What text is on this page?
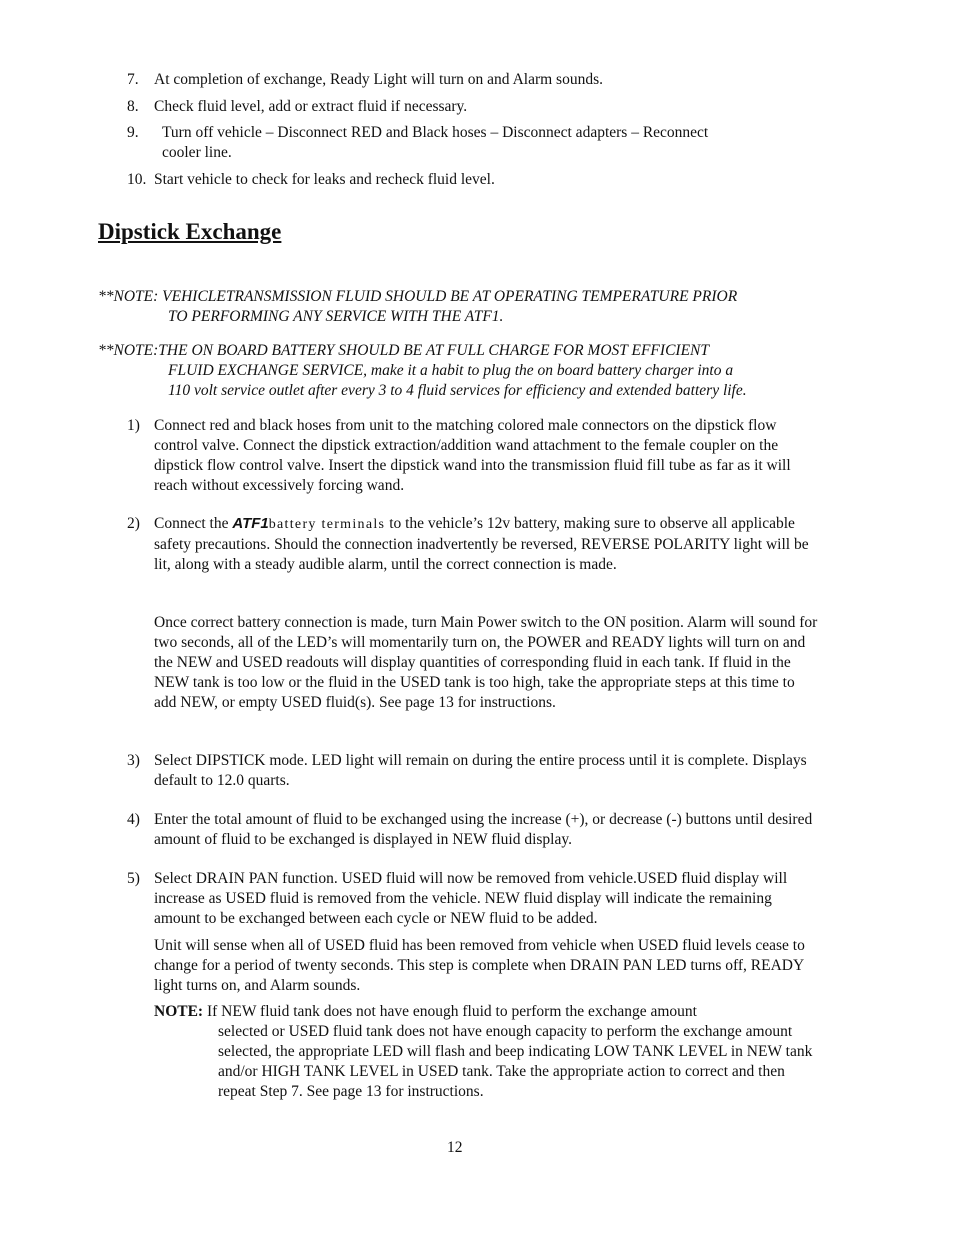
7. At completion of exchange, Ready Light will turn on and Alarm sounds.
8. Check fluid level, add or extract fluid if necessary.
9. Turn off vehicle – Disconnect RED and Black hoses – Disconnect adapters – Reconnect
cooler line.
10. Start vehicle to check for leaks and recheck fluid level.
Dipstick Exchange
**NOTE: VEHICLETRANSMISSION FLUID SHOULD BE AT OPERATING TEMPERATURE PRIOR
TO PERFORMING ANY SERVICE WITH THE ATF1.
**NOTE:THE ON BOARD BATTERY SHOULD BE AT FULL CHARGE FOR MOST EFFICIENT
FLUID EXCHANGE SERVICE, make it a habit to plug the on board battery charger into a
110 volt service outlet after every 3 to 4 fluid services for efficiency and extended battery life.
1) Connect red and black hoses from unit to the matching colored male connectors on the dipstick flow control valve. Connect the dipstick extraction/addition wand attachment to the female coupler on the dipstick flow control valve. Insert the dipstick wand into the transmission fluid fill tube as far as it will reach without excessively forcing wand.
2) Connect the ATF1battery terminals to the vehicle’s 12v battery, making sure to observe all applicable safety precautions. Should the connection inadvertently be reversed, REVERSE POLARITY light will be lit, along with a steady audible alarm, until the correct connection is made.
Once correct battery connection is made, turn Main Power switch to the ON position. Alarm will sound for two seconds, all of the LED’s will momentarily turn on, the POWER and READY lights will turn on and the NEW and USED readouts will display quantities of corresponding fluid in each tank. If fluid in the NEW tank is too low or the fluid in the USED tank is too high, take the appropriate steps at this time to add NEW, or empty USED fluid(s). See page 13 for instructions.
3) Select DIPSTICK mode. LED light will remain on during the entire process until it is complete. Displays default to 12.0 quarts.
4) Enter the total amount of fluid to be exchanged using the increase (+), or decrease (-) buttons until desired amount of fluid to be exchanged is displayed in NEW fluid display.
5) Select DRAIN PAN function. USED fluid will now be removed from vehicle.USED fluid display will increase as USED fluid is removed from the vehicle. NEW fluid display will indicate the remaining amount to be exchanged between each cycle or NEW fluid to be added.
Unit will sense when all of USED fluid has been removed from vehicle when USED fluid levels cease to change for a period of twenty seconds. This step is complete when DRAIN PAN LED turns off, READY light turns on, and Alarm sounds.
NOTE: If NEW fluid tank does not have enough fluid to perform the exchange amount
selected or USED fluid tank does not have enough capacity to perform the exchange amount selected, the appropriate LED will flash and beep indicating LOW TANK LEVEL in NEW tank and/or HIGH TANK LEVEL in USED tank. Take the appropriate action to correct and then repeat Step 7. See page 13 for instructions.
12
